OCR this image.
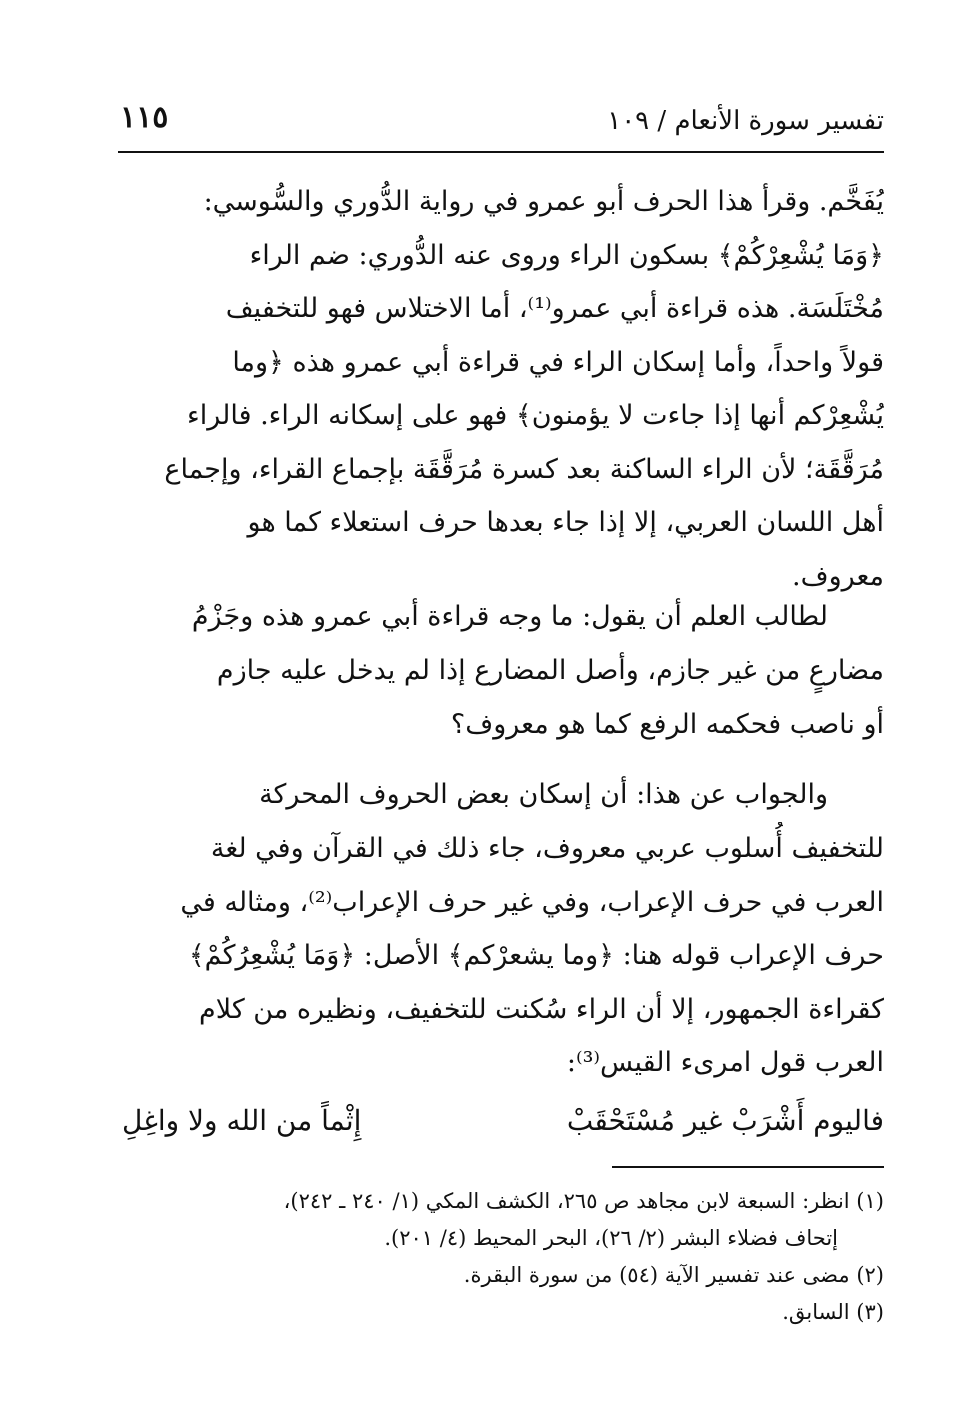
تفسير سورة الأنعام / ١٠٩
١١٥
يُفَخَّم. وقرأ هذا الحرف أبو عمرو في رواية الدُّوري والسُّوسي:
﴿وَمَا يُشْعِرْكُمْ﴾ بسكون الراء وروى عنه الدُّوري: ضم الراء
مُخْتَلَسَة. هذه قراءة أبي عمرو⁽¹⁾، أما الاختلاس فهو للتخفيف
قولاً واحداً، وأما إسكان الراء في قراءة أبي عمرو هذه ﴿وما
يُشْعِرْكم أنها إذا جاءت لا يؤمنون﴾ فهو على إسكانه الراء. فالراء
مُرَقَّقَة؛ لأن الراء الساكنة بعد كسرة مُرَقَّقَة بإجماع القراء، وإجماع
أهل اللسان العربي، إلا إذا جاء بعدها حرف استعلاء كما هو
معروف.
لطالب العلم أن يقول: ما وجه قراءة أبي عمرو هذه وجَزْمُ
مضارعٍ من غير جازم، وأصل المضارع إذا لم يدخل عليه جازم
أو ناصب فحكمه الرفع كما هو معروف؟
والجواب عن هذا: أن إسكان بعض الحروف المحركة
للتخفيف أُسلوب عربي معروف، جاء ذلك في القرآن وفي لغة
العرب في حرف الإعراب، وفي غير حرف الإعراب⁽²⁾، ومثاله في
حرف الإعراب قوله هنا: ﴿وما يشعرْكم﴾ الأصل: ﴿وَمَا يُشْعِرُكُمْ﴾
كقراءة الجمهور، إلا أن الراء سُكنت للتخفيف، ونظيره من كلام
العرب قول امرىء القيس⁽³⁾:
فاليوم أَشْرَبْ غير مُسْتَحْقَبْ
إِثْماً من الله ولا واغِلِ
(١) انظر: السبعة لابن مجاهد ص ٢٦٥، الكشف المكي (١/ ٢٤٠ ـ ٢٤٢)،
إتحاف فضلاء البشر (٢/ ٢٦)، البحر المحيط (٤/ ٢٠١).
(٢) مضى عند تفسير الآية (٥٤) من سورة البقرة.
(٣) السابق.
